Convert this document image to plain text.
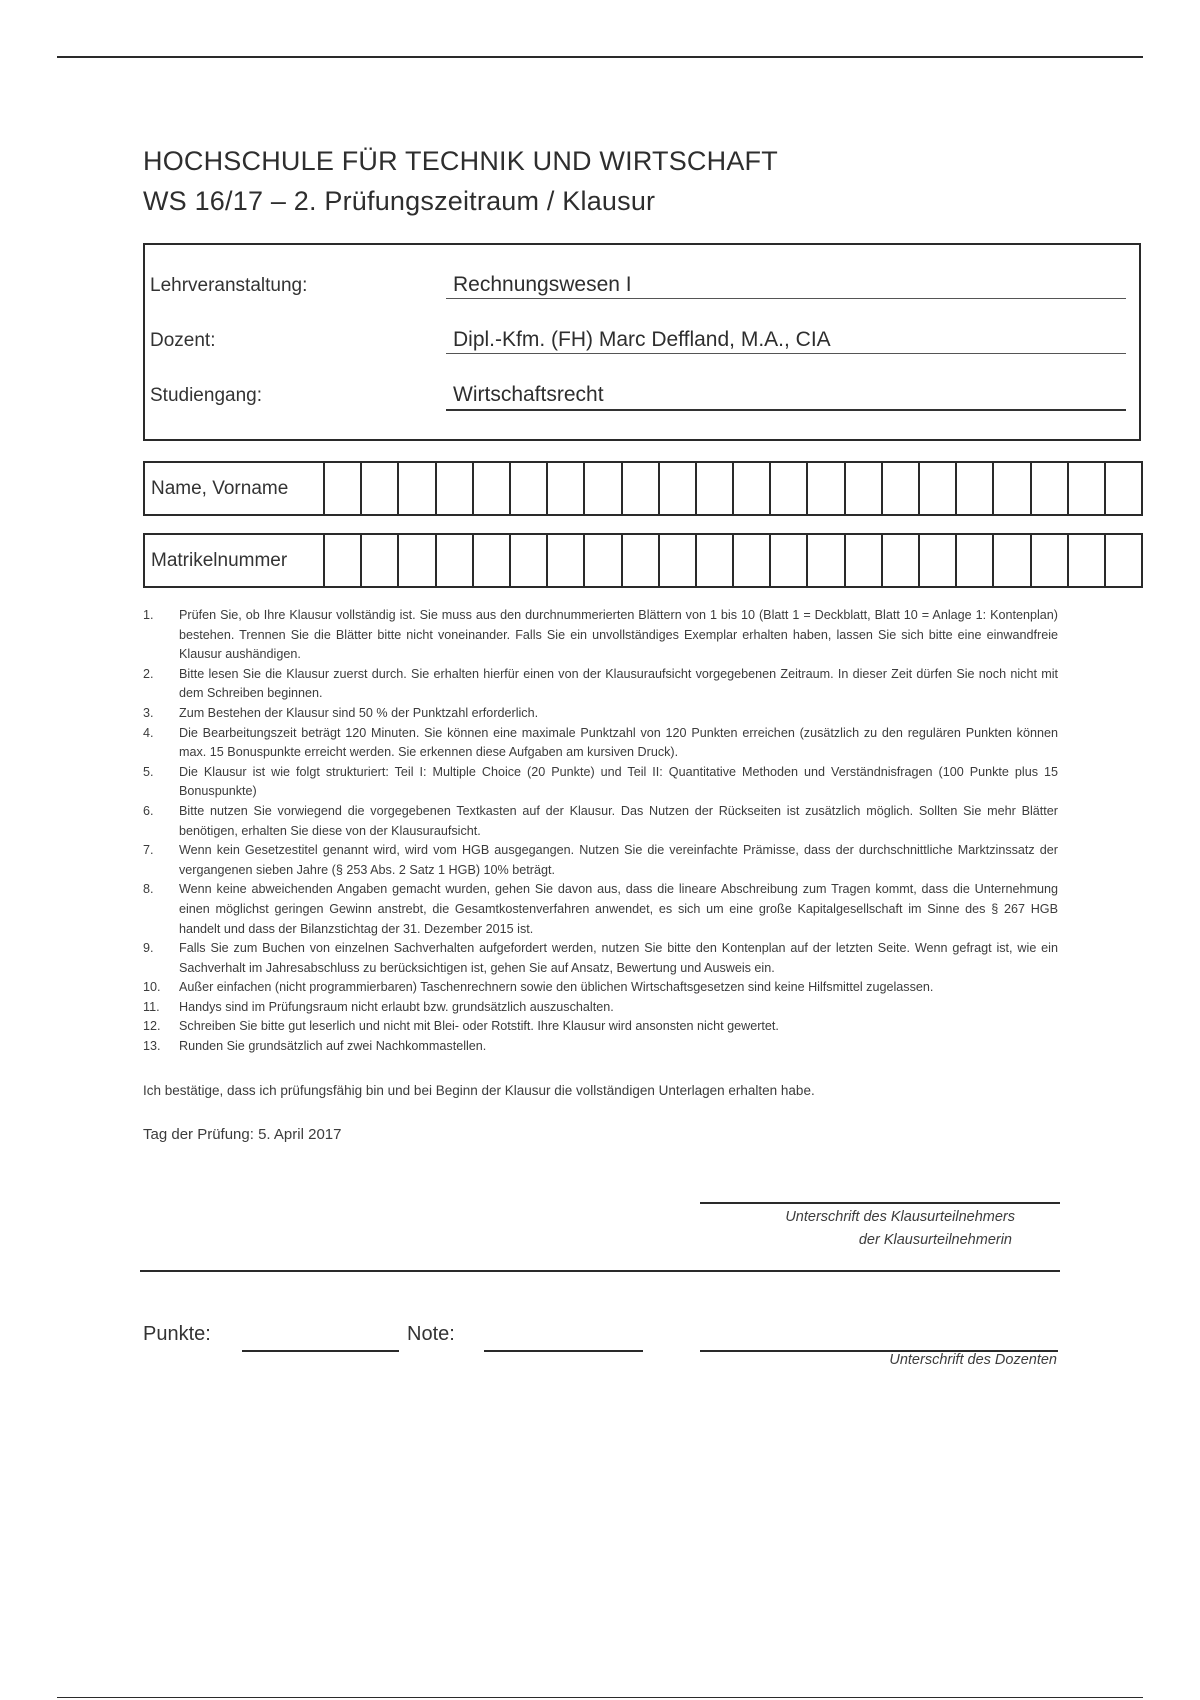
HOCHSCHULE FÜR TECHNIK UND WIRTSCHAFT
WS 16/17 – 2. Prüfungszeitraum / Klausur
Lehrveranstaltung:	Rechnungswesen I
Dozent:	Dipl.-Kfm. (FH) Marc Deffland, M.A., CIA
Studiengang:	Wirtschaftsrecht
Name, Vorname
Matrikelnummer
1. Prüfen Sie, ob Ihre Klausur vollständig ist. Sie muss aus den durchnummerierten Blättern von 1 bis 10 (Blatt 1 = Deckblatt, Blatt 10 = Anlage 1: Kontenplan) bestehen. Trennen Sie die Blätter bitte nicht voneinander. Falls Sie ein unvollständiges Exemplar erhalten haben, lassen Sie sich bitte eine einwandfreie Klausur aushändigen.
2. Bitte lesen Sie die Klausur zuerst durch. Sie erhalten hierfür einen von der Klausuraufsicht vorgegebenen Zeitraum. In dieser Zeit dürfen Sie noch nicht mit dem Schreiben beginnen.
3. Zum Bestehen der Klausur sind 50 % der Punktzahl erforderlich.
4. Die Bearbeitungszeit beträgt 120 Minuten. Sie können eine maximale Punktzahl von 120 Punkten erreichen (zusätzlich zu den regulären Punkten können max. 15 Bonuspunkte erreicht werden. Sie erkennen diese Aufgaben am kursiven Druck).
5. Die Klausur ist wie folgt strukturiert: Teil I: Multiple Choice (20 Punkte) und Teil II: Quantitative Methoden und Verständnisfragen (100 Punkte plus 15 Bonuspunkte)
6. Bitte nutzen Sie vorwiegend die vorgegebenen Textkasten auf der Klausur. Das Nutzen der Rückseiten ist zusätzlich möglich. Sollten Sie mehr Blätter benötigen, erhalten Sie diese von der Klausuraufsicht.
7. Wenn kein Gesetzestitel genannt wird, wird vom HGB ausgegangen. Nutzen Sie die vereinfachte Prämisse, dass der durchschnittliche Marktzinssatz der vergangenen sieben Jahre (§ 253 Abs. 2 Satz 1 HGB) 10% beträgt.
8. Wenn keine abweichenden Angaben gemacht wurden, gehen Sie davon aus, dass die lineare Abschreibung zum Tragen kommt, dass die Unternehmung einen möglichst geringen Gewinn anstrebt, die Gesamtkostenverfahren anwendet, es sich um eine große Kapitalgesellschaft im Sinne des § 267 HGB handelt und dass der Bilanzstichtag der 31. Dezember 2015 ist.
9. Falls Sie zum Buchen von einzelnen Sachverhalten aufgefordert werden, nutzen Sie bitte den Kontenplan auf der letzten Seite. Wenn gefragt ist, wie ein Sachverhalt im Jahresabschluss zu berücksichtigen ist, gehen Sie auf Ansatz, Bewertung und Ausweis ein.
10. Außer einfachen (nicht programmierbaren) Taschenrechnern sowie den üblichen Wirtschaftsgesetzen sind keine Hilfsmittel zugelassen.
11. Handys sind im Prüfungsraum nicht erlaubt bzw. grundsätzlich auszuschalten.
12. Schreiben Sie bitte gut leserlich und nicht mit Blei- oder Rotstift. Ihre Klausur wird ansonsten nicht gewertet.
13. Runden Sie grundsätzlich auf zwei Nachkommastellen.
Ich bestätige, dass ich prüfungsfähig bin und bei Beginn der Klausur die vollständigen Unterlagen erhalten habe.
Tag der Prüfung: 5. April 2017
Unterschrift des Klausurteilnehmers
der Klausurteilnehmerin
Punkte:	Note:
Unterschrift des Dozenten
